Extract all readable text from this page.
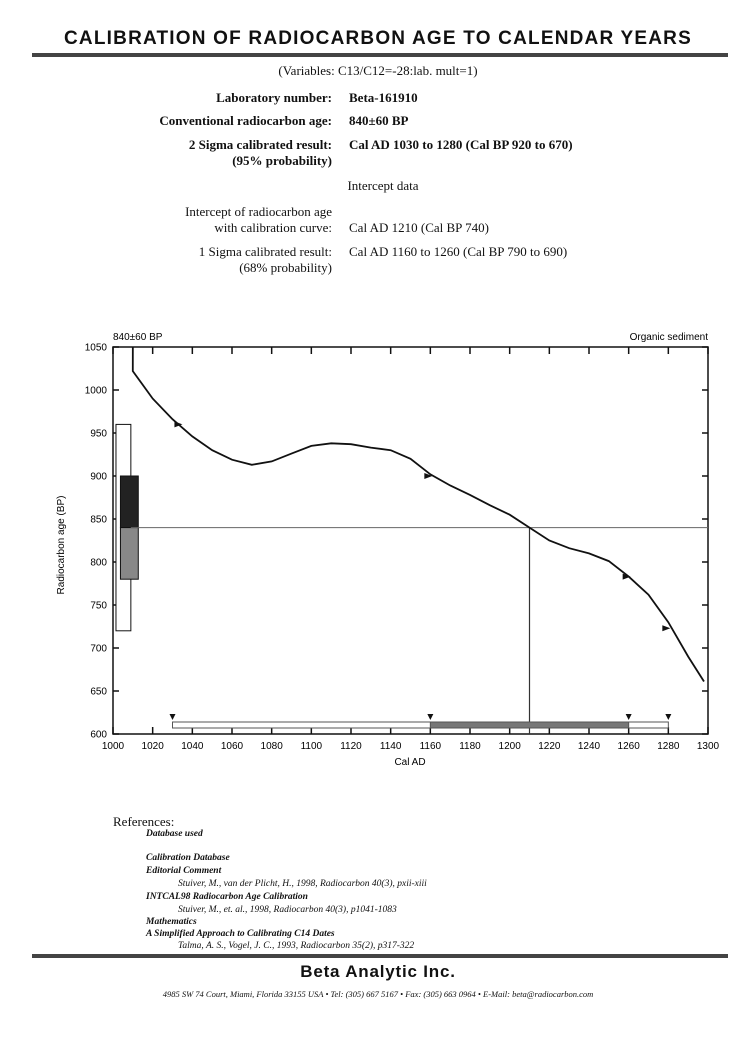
CALIBRATION OF RADIOCARBON AGE TO CALENDAR YEARS
(Variables: C13/C12=-28:lab. mult=1)
Laboratory number: Beta-161910
Conventional radiocarbon age: 840±60 BP
2 Sigma calibrated result: Cal AD 1030 to 1280 (Cal BP 920 to 670)
(95% probability)
Intercept data
Intercept of radiocarbon age
with calibration curve: Cal AD 1210 (Cal BP 740)
1 Sigma calibrated result: Cal AD 1160 to 1260 (Cal BP 790 to 690)
(68% probability)
840±60 BP	Organic sediment
Cal AD
Radiocarbon age (BP)
1000 1020 1040 1060 1080 1100 1120 1140 1160 1180 1200 1220 1240 1260 1280 1300
600
650
700
750
800
850
900
950
1000
1050
References:
Database used
Calibration Database
Editorial Comment
Stuiver, M., van der Plicht, H., 1998, Radiocarbon 40(3), pxii-xiii
INTCAL98 Radiocarbon Age Calibration
Stuiver, M., et. al., 1998, Radiocarbon 40(3), p1041-1083
Mathematics
A Simplified Approach to Calibrating C14 Dates
Talma, A. S., Vogel, J. C., 1993, Radiocarbon 35(2), p317-322
Beta Analytic Inc.
4985 SW 74 Court, Miami, Florida 33155 USA • Tel: (305) 667 5167 • Fax: (305) 663 0964 • E-Mail: beta@radiocarbon.com
